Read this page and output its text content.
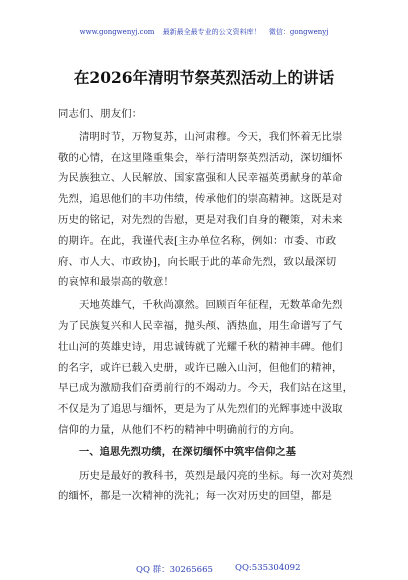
www.gongwenyj.com 最新最全最专业的公文资料库！ 微信：gongwenyj
在2026年清明节祭英烈活动上的讲话
同志们、朋友们：
清明时节，万物复苏，山河肃穆。今天，我们怀着无比崇
敬的心情，在这里隆重集会，举行清明祭英烈活动，深切缅怀
为民族独立、人民解放、国家富强和人民幸福英勇献身的革命
先烈，追思他们的丰功伟绩，传承他们的崇高精神。这既是对
历史的铭记，对先烈的告慰，更是对我们自身的鞭策，对未来
的期许。在此，我谨代表[主办单位名称，例如：市委、市政
府、市人大、市政协]，向长眠于此的革命先烈，致以最深切
的哀悼和最崇高的敬意！
天地英雄气，千秋尚凛然。回顾百年征程，无数革命先烈
为了民族复兴和人民幸福，抛头颅、洒热血，用生命谱写了气
壮山河的英雄史诗，用忠诚铸就了光耀千秋的精神丰碑。他们
的名字，或许已载入史册，或许已融入山河，但他们的精神，
早已成为激励我们奋勇前行的不竭动力。今天，我们站在这里，
不仅是为了追思与缅怀，更是为了从先烈们的光辉事迹中汲取
信仰的力量，从他们不朽的精神中明确前行的方向。
一、追思先烈功绩，在深切缅怀中筑牢信仰之基
历史是最好的教科书，英烈是最闪亮的坐标。每一次对英烈
的缅怀，都是一次精神的洗礼；每一次对历史的回望，都是
QQ 群：30265665	QQ:535304092
